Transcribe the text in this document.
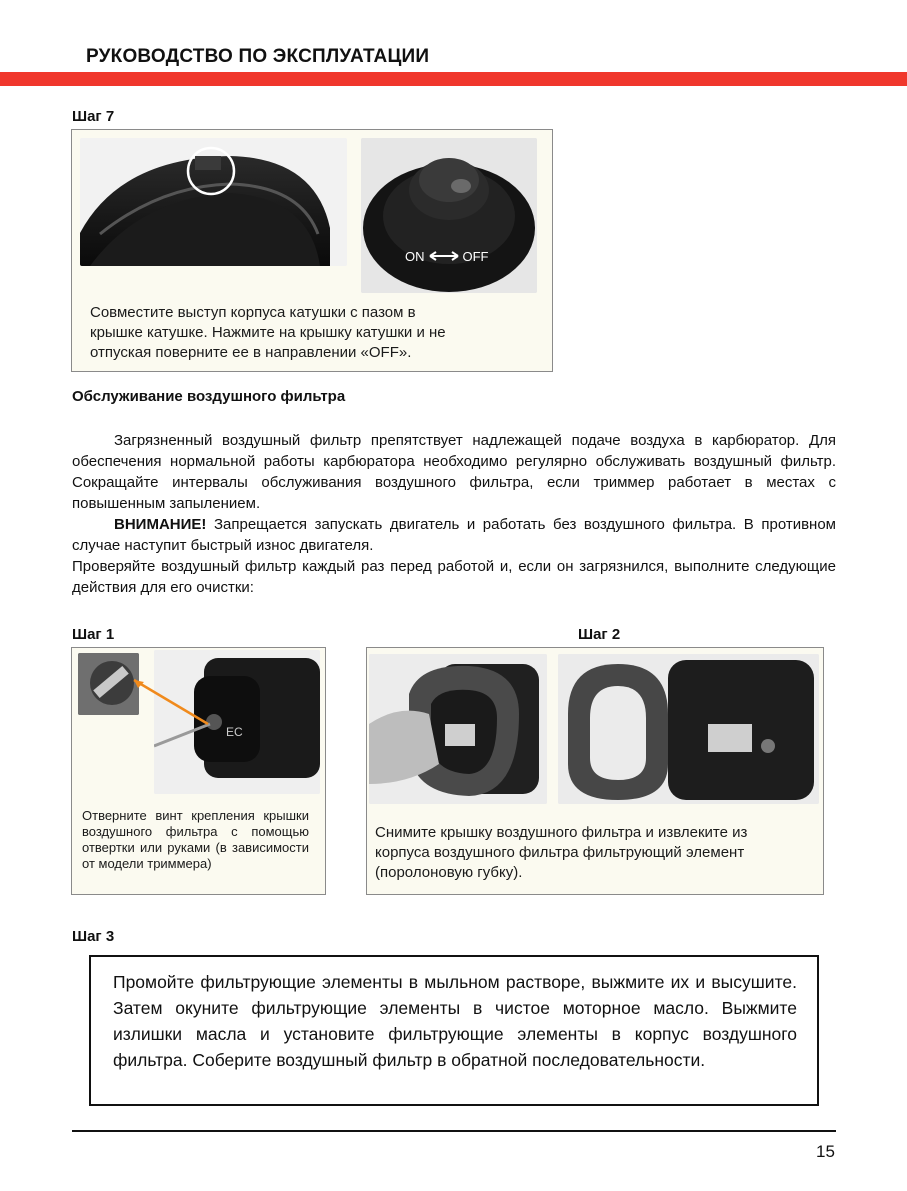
РУКОВОДСТВО ПО ЭКСПЛУАТАЦИИ
Шаг 7
ON	OFF
Совместите выступ корпуса катушки с пазом в
крышке катушке. Нажмите на крышку катушки и не
отпуская поверните ее в направлении «OFF».
Обслуживание воздушного фильтра

Загрязненный воздушный фильтр препятствует надлежащей подаче воздуха в карбюратор. Для обеспечения нормальной работы карбюратора необходимо регулярно обслуживать воздушный фильтр. Сокращайте интервалы обслуживания воздушного фильтра, если триммер работает в местах с повышенным запылением.

ВНИМАНИЕ! Запрещается запускать двигатель и работать без воздушного фильтра. В противном случае наступит быстрый износ двигателя.

Проверяйте воздушный фильтр каждый раз перед работой и, если он загрязнился, выполните следующие действия для его очистки:

Шаг 1
EC
Отверните винт крепления крышки воздушного фильтра с помощью отвертки или руками (в зависимости от модели триммера)
Шаг 2
Снимите крышку воздушного фильтра и извлеките из
корпуса воздушного фильтра фильтрующий элемент
(поролоновую губку).
Шаг 3
Промойте фильтрующие элементы в мыльном растворе, выжмите их и высушите. Затем окуните фильтрующие элементы в чистое моторное масло. Выжмите излишки масла и установите фильтрующие элементы в корпус воздушного фильтра. Соберите воздушный фильтр в обратной последовательности.
15
